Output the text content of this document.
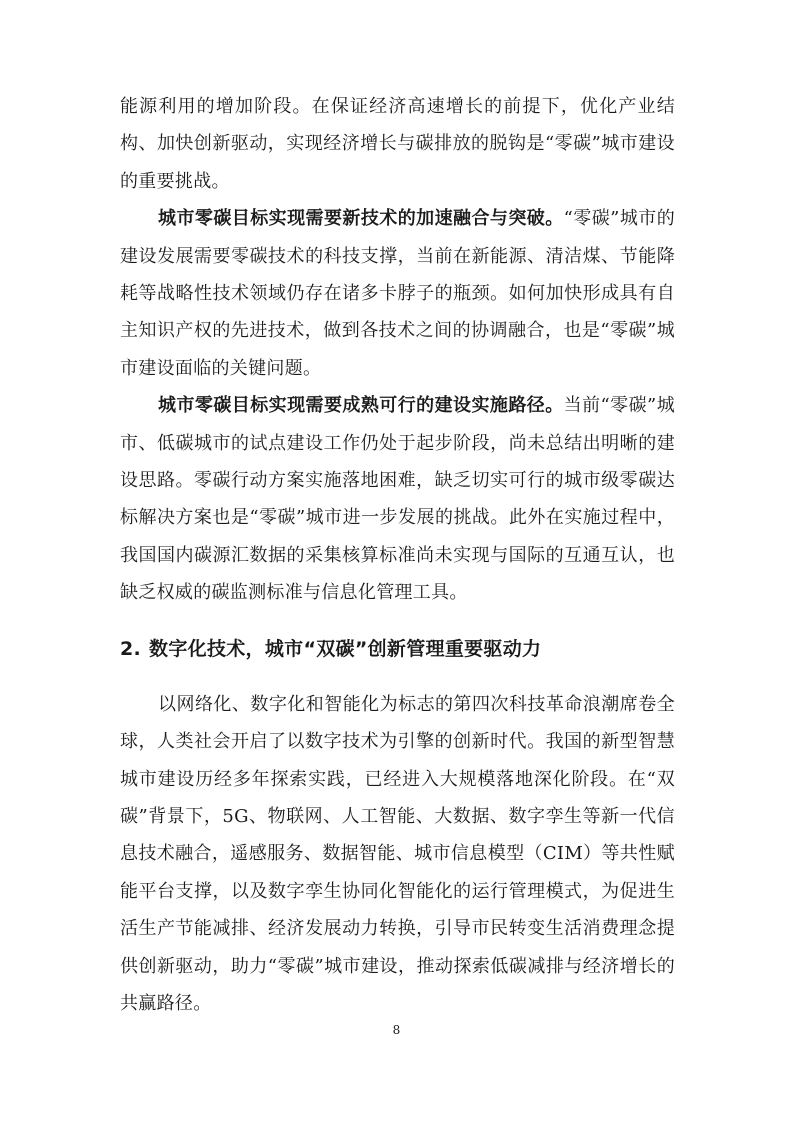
能源利用的增加阶段。在保证经济高速增长的前提下，优化产业结构、加快创新驱动，实现经济增长与碳排放的脱钩是“零碳”城市建设的重要挑战。

城市零碳目标实现需要新技术的加速融合与突破。“零碳”城市的建设发展需要零碳技术的科技支撑，当前在新能源、清洁煤、节能降耗等战略性技术领域仍存在诸多卡脖子的瓶颈。如何加快形成具有自主知识产权的先进技术，做到各技术之间的协调融合，也是“零碳”城市建设面临的关键问题。

城市零碳目标实现需要成熟可行的建设实施路径。当前“零碳”城市、低碳城市的试点建设工作仍处于起步阶段，尚未总结出明晰的建设思路。零碳行动方案实施落地困难，缺乏切实可行的城市级零碳达标解决方案也是“零碳”城市进一步发展的挑战。此外在实施过程中，我国国内碳源汇数据的采集核算标准尚未实现与国际的互通互认，也缺乏权威的碳监测标准与信息化管理工具。

2. 数字化技术，城市“双碳”创新管理重要驱动力

以网络化、数字化和智能化为标志的第四次科技革命浪潮席卷全球，人类社会开启了以数字技术为引擎的创新时代。我国的新型智慧城市建设历经多年探索实践，已经进入大规模落地深化阶段。在“双碳”背景下，5G、物联网、人工智能、大数据、数字孪生等新一代信息技术融合，遥感服务、数据智能、城市信息模型（CIM）等共性赋能平台支撑，以及数字孪生协同化智能化的运行管理模式，为促进生活生产节能减排、经济发展动力转换，引导市民转变生活消费理念提供创新驱动，助力“零碳”城市建设，推动探索低碳减排与经济增长的共赢路径。

8
